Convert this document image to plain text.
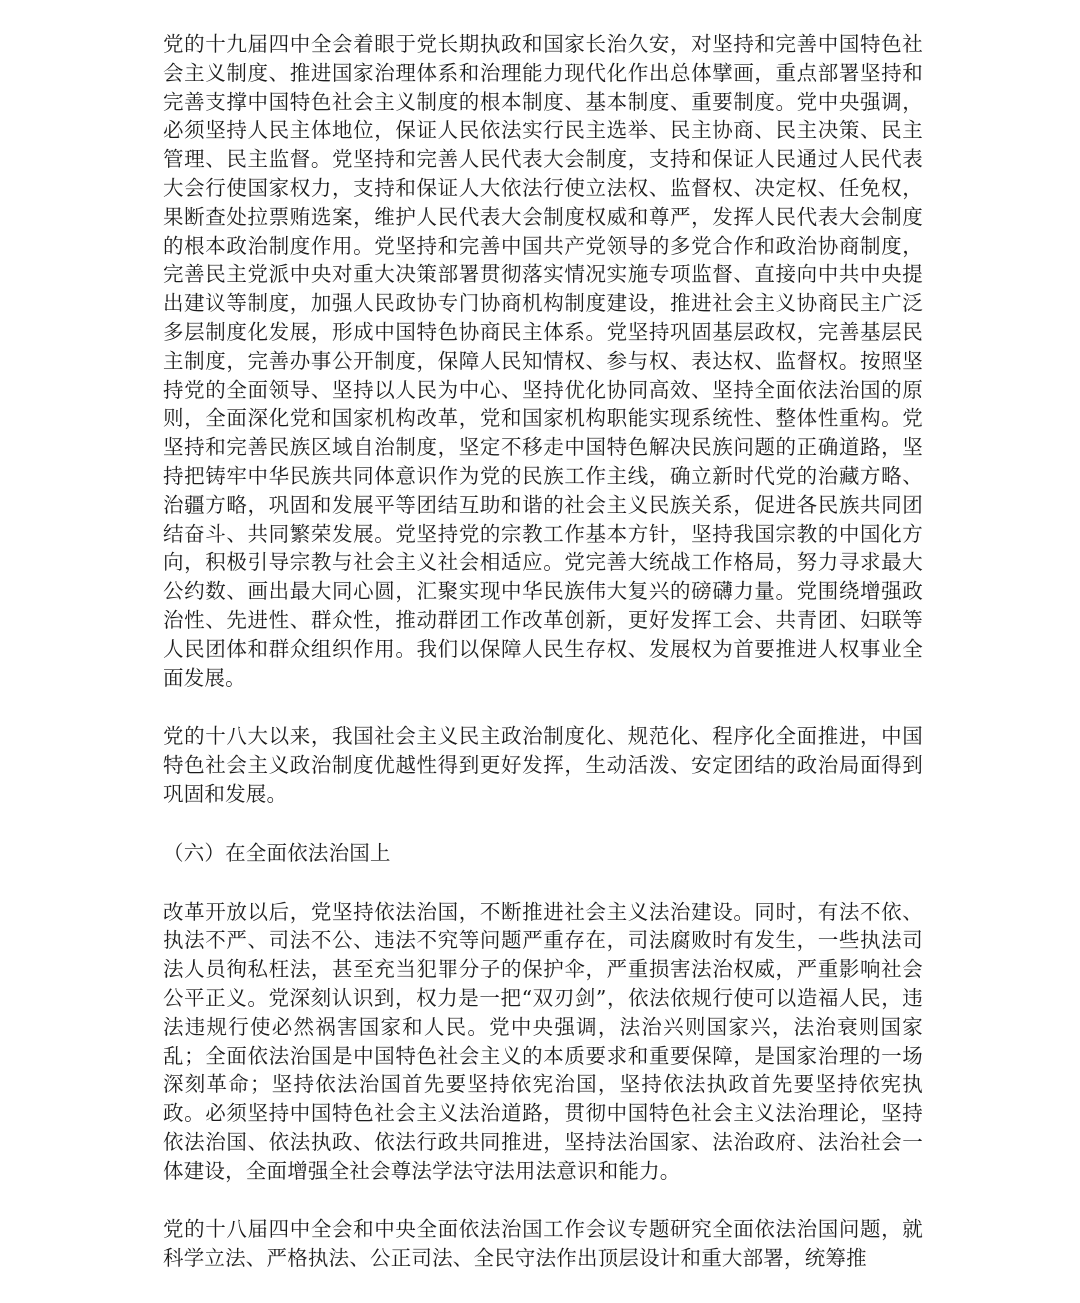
党的十九届四中全会着眼于党长期执政和国家长治久安，对坚持和完善中国特色社会主义制度、推进国家治理体系和治理能力现代化作出总体擘画，重点部署坚持和完善支撑中国特色社会主义制度的根本制度、基本制度、重要制度。党中央强调，必须坚持人民主体地位，保证人民依法实行民主选举、民主协商、民主决策、民主管理、民主监督。党坚持和完善人民代表大会制度，支持和保证人民通过人民代表大会行使国家权力，支持和保证人大依法行使立法权、监督权、决定权、任免权，果断查处拉票贿选案，维护人民代表大会制度权威和尊严，发挥人民代表大会制度的根本政治制度作用。党坚持和完善中国共产党领导的多党合作和政治协商制度，完善民主党派中央对重大决策部署贯彻落实情况实施专项监督、直接向中共中央提出建议等制度，加强人民政协专门协商机构制度建设，推进社会主义协商民主广泛多层制度化发展，形成中国特色协商民主体系。党坚持巩固基层政权，完善基层民主制度，完善办事公开制度，保障人民知情权、参与权、表达权、监督权。按照坚持党的全面领导、坚持以人民为中心、坚持优化协同高效、坚持全面依法治国的原则，全面深化党和国家机构改革，党和国家机构职能实现系统性、整体性重构。党坚持和完善民族区域自治制度，坚定不移走中国特色解决民族问题的正确道路，坚持把铸牢中华民族共同体意识作为党的民族工作主线，确立新时代党的治藏方略、治疆方略，巩固和发展平等团结互助和谐的社会主义民族关系，促进各民族共同团结奋斗、共同繁荣发展。党坚持党的宗教工作基本方针，坚持我国宗教的中国化方向，积极引导宗教与社会主义社会相适应。党完善大统战工作格局，努力寻求最大公约数、画出最大同心圆，汇聚实现中华民族伟大复兴的磅礴力量。党围绕增强政治性、先进性、群众性，推动群团工作改革创新，更好发挥工会、共青团、妇联等人民团体和群众组织作用。我们以保障人民生存权、发展权为首要推进人权事业全面发展。

党的十八大以来，我国社会主义民主政治制度化、规范化、程序化全面推进，中国特色社会主义政治制度优越性得到更好发挥，生动活泼、安定团结的政治局面得到巩固和发展。

（六）在全面依法治国上

改革开放以后，党坚持依法治国，不断推进社会主义法治建设。同时，有法不依、执法不严、司法不公、违法不究等问题严重存在，司法腐败时有发生，一些执法司法人员徇私枉法，甚至充当犯罪分子的保护伞，严重损害法治权威，严重影响社会公平正义。党深刻认识到，权力是一把“双刃剑”，依法依规行使可以造福人民，违法违规行使必然祸害国家和人民。党中央强调，法治兴则国家兴，法治衰则国家乱；全面依法治国是中国特色社会主义的本质要求和重要保障，是国家治理的一场深刻革命；坚持依法治国首先要坚持依宪治国，坚持依法执政首先要坚持依宪执政。必须坚持中国特色社会主义法治道路，贯彻中国特色社会主义法治理论，坚持依法治国、依法执政、依法行政共同推进，坚持法治国家、法治政府、法治社会一体建设，全面增强全社会尊法学法守法用法意识和能力。

党的十八届四中全会和中央全面依法治国工作会议专题研究全面依法治国问题，就科学立法、严格执法、公正司法、全民守法作出顶层设计和重大部署，统筹推
